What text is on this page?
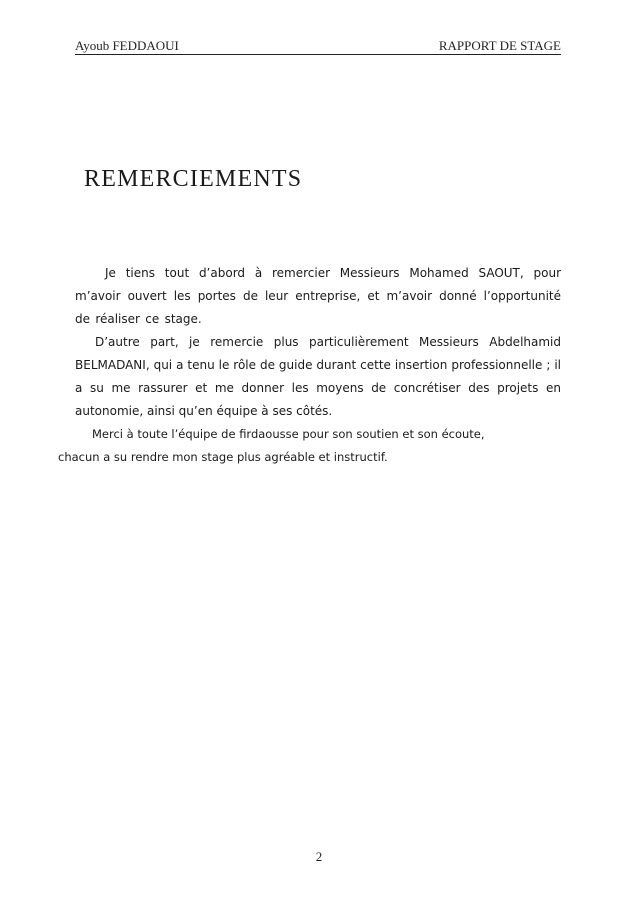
Ayoub FEDDAOUI	RAPPORT DE STAGE
REMERCIEMENTS

Je tiens tout d’abord à remercier Messieurs Mohamed SAOUT, pour m’avoir ouvert les portes de leur entreprise, et m’avoir donné l’opportunité de réaliser ce stage.

D’autre part, je remercie plus particulièrement Messieurs Abdelhamid BELMADANI, qui a tenu le rôle de guide durant cette insertion professionnelle ; il a su me rassurer et me donner les moyens de concrétiser des projets en autonomie, ainsi qu’en équipe à ses côtés.

Merci à toute l’équipe de firdaousse pour son soutien et son écoute,
chacun a su rendre mon stage plus agréable et instructif.

2
